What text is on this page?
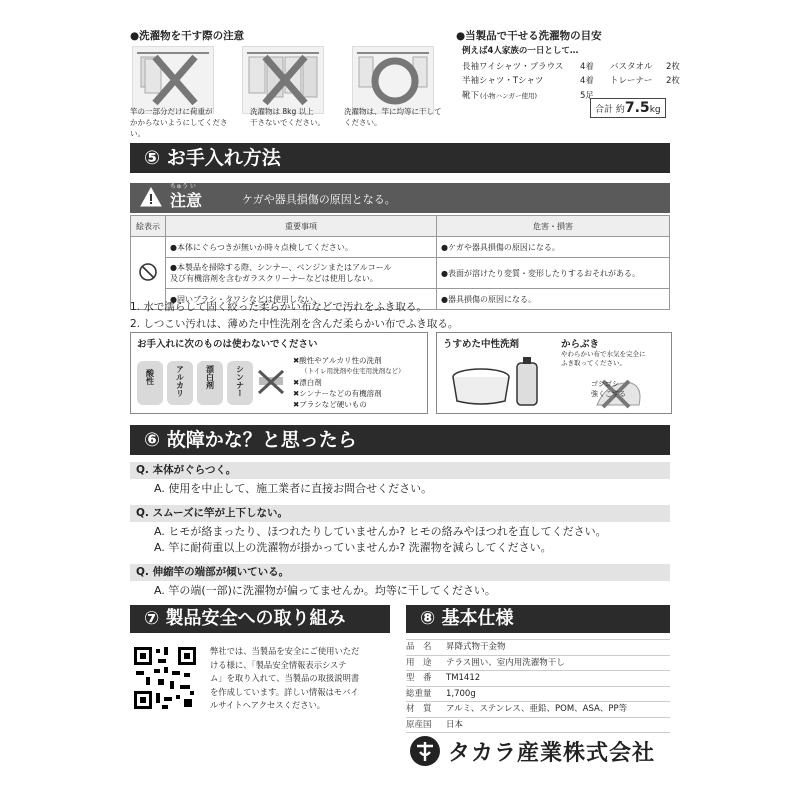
●洗濯物を干す際の注意
竿の一部分だけに荷重が
かからないようにしてください。
洗濯物は 8kg 以上
干さないでください。
洗濯物は、竿に均等に干して
ください。
●当製品で干せる洗濯物の目安
例えば4人家族の一日として…
長袖ワイシャツ・ブラウス	4着	バスタオル	2枚
半袖シャツ・Tシャツ	4着	トレーナー	2枚
靴下 (小物ハンガー使用)	5足
合計 約7.5kg
⑤ お手入れ方法
ちゅう い
注意	ケガや器具損傷の原因となる。
絵表示	重要事項	危害・損害
	●本体にぐらつきが無いか時々点検してください。	●ケガや器具損傷の原因になる。
	●本製品を掃除する際、シンナー、ベンジンまたはアルコール
及び有機溶剤を含むガラスクリーナーなどは使用しない。	●表面が溶けたり変質・変形したりするおそれがある。
	●固いブラシ・タワシなどは使用しない。	●器具損傷の原因になる。
1. 水で濡らして固く絞った柔らかい布などで汚れをふき取る。
2. しつこい汚れは、薄めた中性洗剤を含んだ柔らかい布でふき取る。
お手入れに次のものは使わないでください
酸性	アルカリ	漂白剤	シンナー
✖酸性やアルカリ性の洗剤
（トイレ用洗剤や住宅用洗剤など）
✖漂白剤
✖シンナーなどの有機溶剤
✖ブラシなど硬いもの
うすめた中性洗剤	からぶき
やわらかい布で水気を完全に
ふき取ってください。
ゴシゴシ
強くこする
⑥ 故障かな？と思ったら
Q. 本体がぐらつく。
A. 使用を中止して、施工業者に直接お問合せください。
Q. スムーズに竿が上下しない。
A. ヒモが絡まったり、ほつれたりしていませんか? ヒモの絡みやほつれを直してください。
A. 竿に耐荷重以上の洗濯物が掛かっていませんか? 洗濯物を減らしてください。
Q. 伸縮竿の端部が傾いている。
A. 竿の端(一部)に洗濯物が偏ってませんか。均等に干してください。
⑦ 製品安全への取り組み
弊社では、当製品を安全にご使用いただ
ける様に、「製品安全情報表示システ
ム」を取り入れて、当製品の取扱説明書
を作成しています。詳しい情報はモバイ
ルサイトへアクセスください。
⑧ 基本仕様
品　名	昇降式物干金物
用　途	テラス囲い、室内用洗濯物干し
型　番	TM1412
総重量	1,700g
材　質	アルミ、ステンレス、亜鉛、POM、ASA、PP等
原産国	日本
タカラ産業株式会社
